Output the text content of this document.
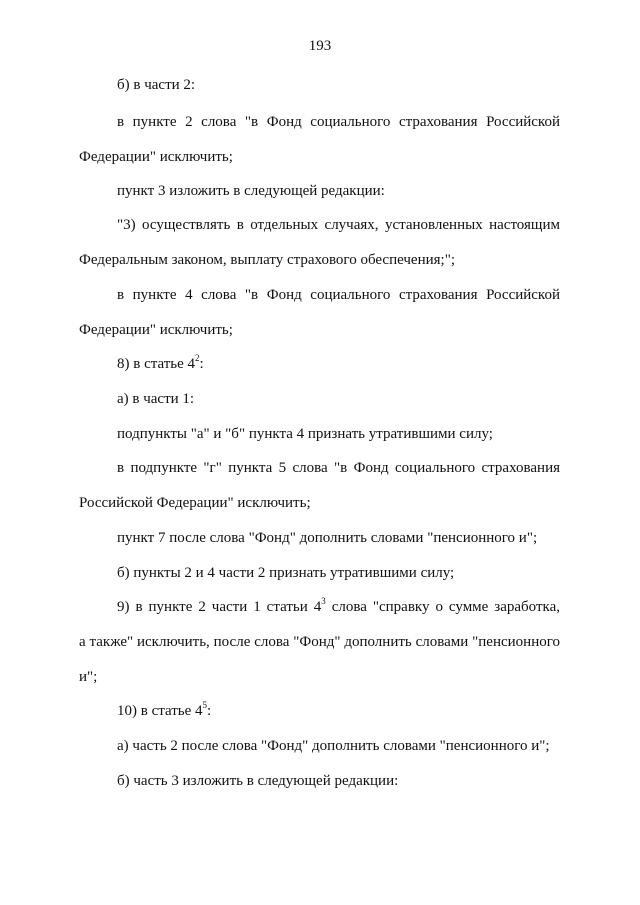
193
б) в части 2:
в пункте 2 слова "в Фонд социального страхования Российской
Федерации" исключить;
пункт 3 изложить в следующей редакции:
"3) осуществлять в отдельных случаях, установленных настоящим
Федеральным законом, выплату страхового обеспечения;";
в пункте 4 слова "в Фонд социального страхования Российской
Федерации" исключить;
8) в статье $4^2$:
а) в части 1:
подпункты "а" и "б" пункта 4 признать утратившими силу;
в подпункте "г" пункта 5 слова "в Фонд социального страхования
Российской Федерации" исключить;
пункт 7 после слова "Фонд" дополнить словами "пенсионного и";
б) пункты 2 и 4 части 2 признать утратившими силу;
9) в пункте 2 части 1 статьи $4^3$ слова "справку о сумме заработка,
а также" исключить, после слова "Фонд" дополнить словами "пенсионного
и";
10) в статье $4^5$:
а) часть 2 после слова "Фонд" дополнить словами "пенсионного и";
б) часть 3 изложить в следующей редакции:
